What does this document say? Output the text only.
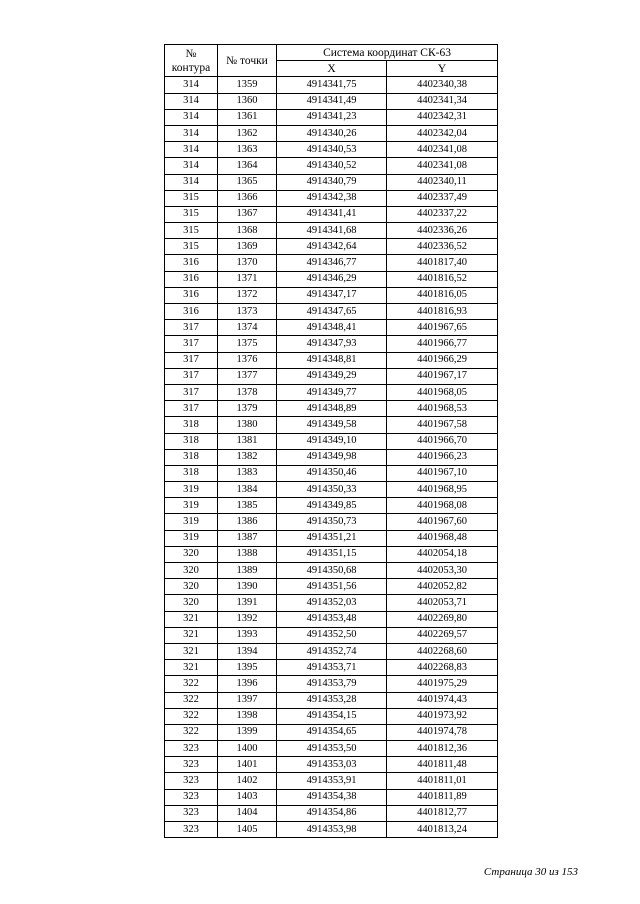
№
контура	№ точки	Система координат СК-63	
		X	Y
314	1359	4914341,75	4402340,38
314	1360	4914341,49	4402341,34
314	1361	4914341,23	4402342,31
314	1362	4914340,26	4402342,04
314	1363	4914340,53	4402341,08
314	1364	4914340,52	4402341,08
314	1365	4914340,79	4402340,11
315	1366	4914342,38	4402337,49
315	1367	4914341,41	4402337,22
315	1368	4914341,68	4402336,26
315	1369	4914342,64	4402336,52
316	1370	4914346,77	4401817,40
316	1371	4914346,29	4401816,52
316	1372	4914347,17	4401816,05
316	1373	4914347,65	4401816,93
317	1374	4914348,41	4401967,65
317	1375	4914347,93	4401966,77
317	1376	4914348,81	4401966,29
317	1377	4914349,29	4401967,17
317	1378	4914349,77	4401968,05
317	1379	4914348,89	4401968,53
318	1380	4914349,58	4401967,58
318	1381	4914349,10	4401966,70
318	1382	4914349,98	4401966,23
318	1383	4914350,46	4401967,10
319	1384	4914350,33	4401968,95
319	1385	4914349,85	4401968,08
319	1386	4914350,73	4401967,60
319	1387	4914351,21	4401968,48
320	1388	4914351,15	4402054,18
320	1389	4914350,68	4402053,30
320	1390	4914351,56	4402052,82
320	1391	4914352,03	4402053,71
321	1392	4914353,48	4402269,80
321	1393	4914352,50	4402269,57
321	1394	4914352,74	4402268,60
321	1395	4914353,71	4402268,83
322	1396	4914353,79	4401975,29
322	1397	4914353,28	4401974,43
322	1398	4914354,15	4401973,92
322	1399	4914354,65	4401974,78
323	1400	4914353,50	4401812,36
323	1401	4914353,03	4401811,48
323	1402	4914353,91	4401811,01
323	1403	4914354,38	4401811,89
323	1404	4914354,86	4401812,77
323	1405	4914353,98	4401813,24
Страница 30 из 153
